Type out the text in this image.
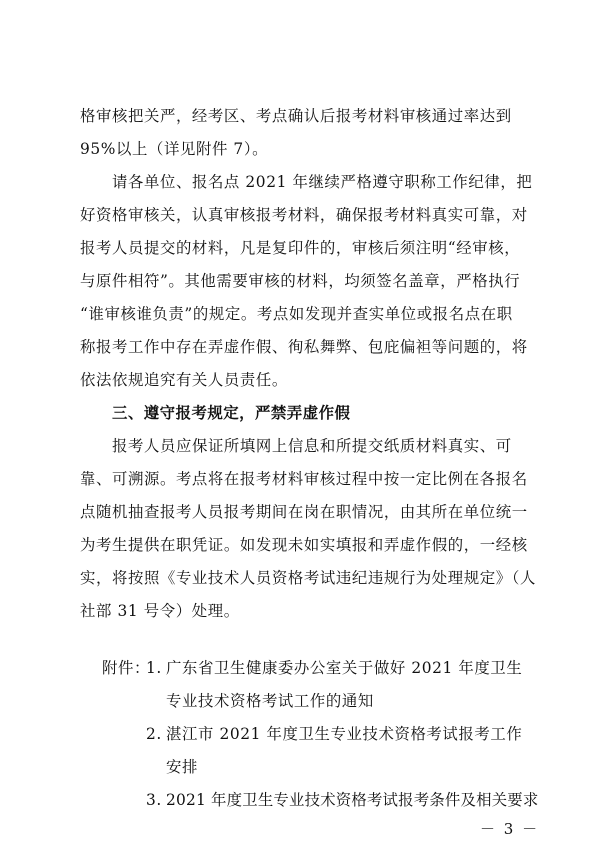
格审核把关严，经考区、考点确认后报考材料审核通过率达到
95%以上（详见附件 7）。
请各单位、报名点 2021 年继续严格遵守职称工作纪律，把
好资格审核关，认真审核报考材料，确保报考材料真实可靠，对
报考人员提交的材料，凡是复印件的，审核后须注明“经审核，
与原件相符”。其他需要审核的材料，均须签名盖章，严格执行
“谁审核谁负责”的规定。考点如发现并查实单位或报名点在职
称报考工作中存在弄虚作假、徇私舞弊、包庇偏袒等问题的，将
依法依规追究有关人员责任。
三、遵守报考规定，严禁弄虚作假
报考人员应保证所填网上信息和所提交纸质材料真实、可
靠、可溯源。考点将在报考材料审核过程中按一定比例在各报名
点随机抽查报考人员报考期间在岗在职情况，由其所在单位统一
为考生提供在职凭证。如发现未如实填报和弄虚作假的，一经核
实，将按照《专业技术人员资格考试违纪违规行为处理规定》（人
社部 31 号令）处理。
附件：
1. 广东省卫生健康委办公室关于做好 2021 年度卫生
专业技术资格考试工作的通知
2. 湛江市 2021 年度卫生专业技术资格考试报考工作
安排
3. 2021 年度卫生专业技术资格考试报考条件及相关要求
－ 3 －
